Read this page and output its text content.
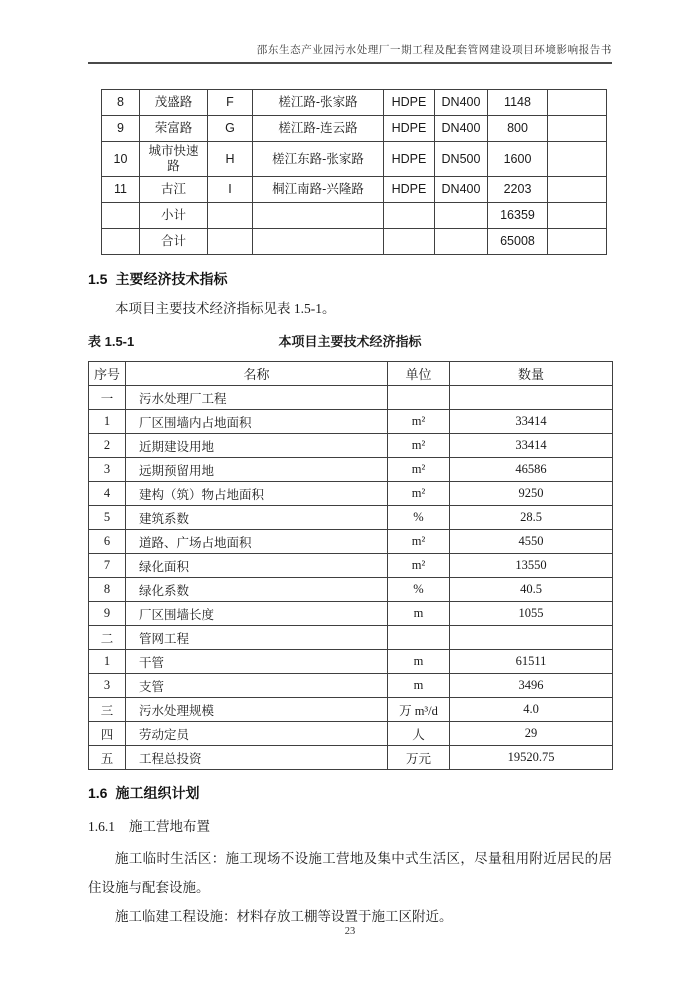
邵东生态产业园污水处理厂一期工程及配套管网建设项目环境影响报告书
8	茂盛路	F	槎江路-张家路	HDPE	DN400	1148	
9	荣富路	G	槎江路-连云路	HDPE	DN400	800	
10	城市快速路	H	槎江东路-张家路	HDPE	DN500	1600	
11	古江	I	桐江南路-兴隆路	HDPE	DN400	2203	
	小计					16359	
	合计					65008	
1.5 主要经济技术指标

本项目主要技术经济指标见表 1.5-1。

表 1.5-1	本项目主要技术经济指标
序号	名称	单位	数量
一	污水处理厂工程		
1	厂区围墙内占地面积	m²	33414
2	近期建设用地	m²	33414
3	远期预留用地	m²	46586
4	建构（筑）物占地面积	m²	9250
5	建筑系数	%	28.5
6	道路、广场占地面积	m²	4550
7	绿化面积	m²	13550
8	绿化系数	%	40.5
9	厂区围墙长度	m	1055
二	管网工程		
1	干管	m	61511
3	支管	m	3496
三	污水处理规模	万 m³/d	4.0
四	劳动定员	人	29
五	工程总投资	万元	19520.75
1.6 施工组织计划
1.6.1 施工营地布置

施工临时生活区：施工现场不设施工营地及集中式生活区，尽量租用附近居民的居住设施与配套设施。

施工临建工程设施：材料存放工棚等设置于施工区附近。

23
